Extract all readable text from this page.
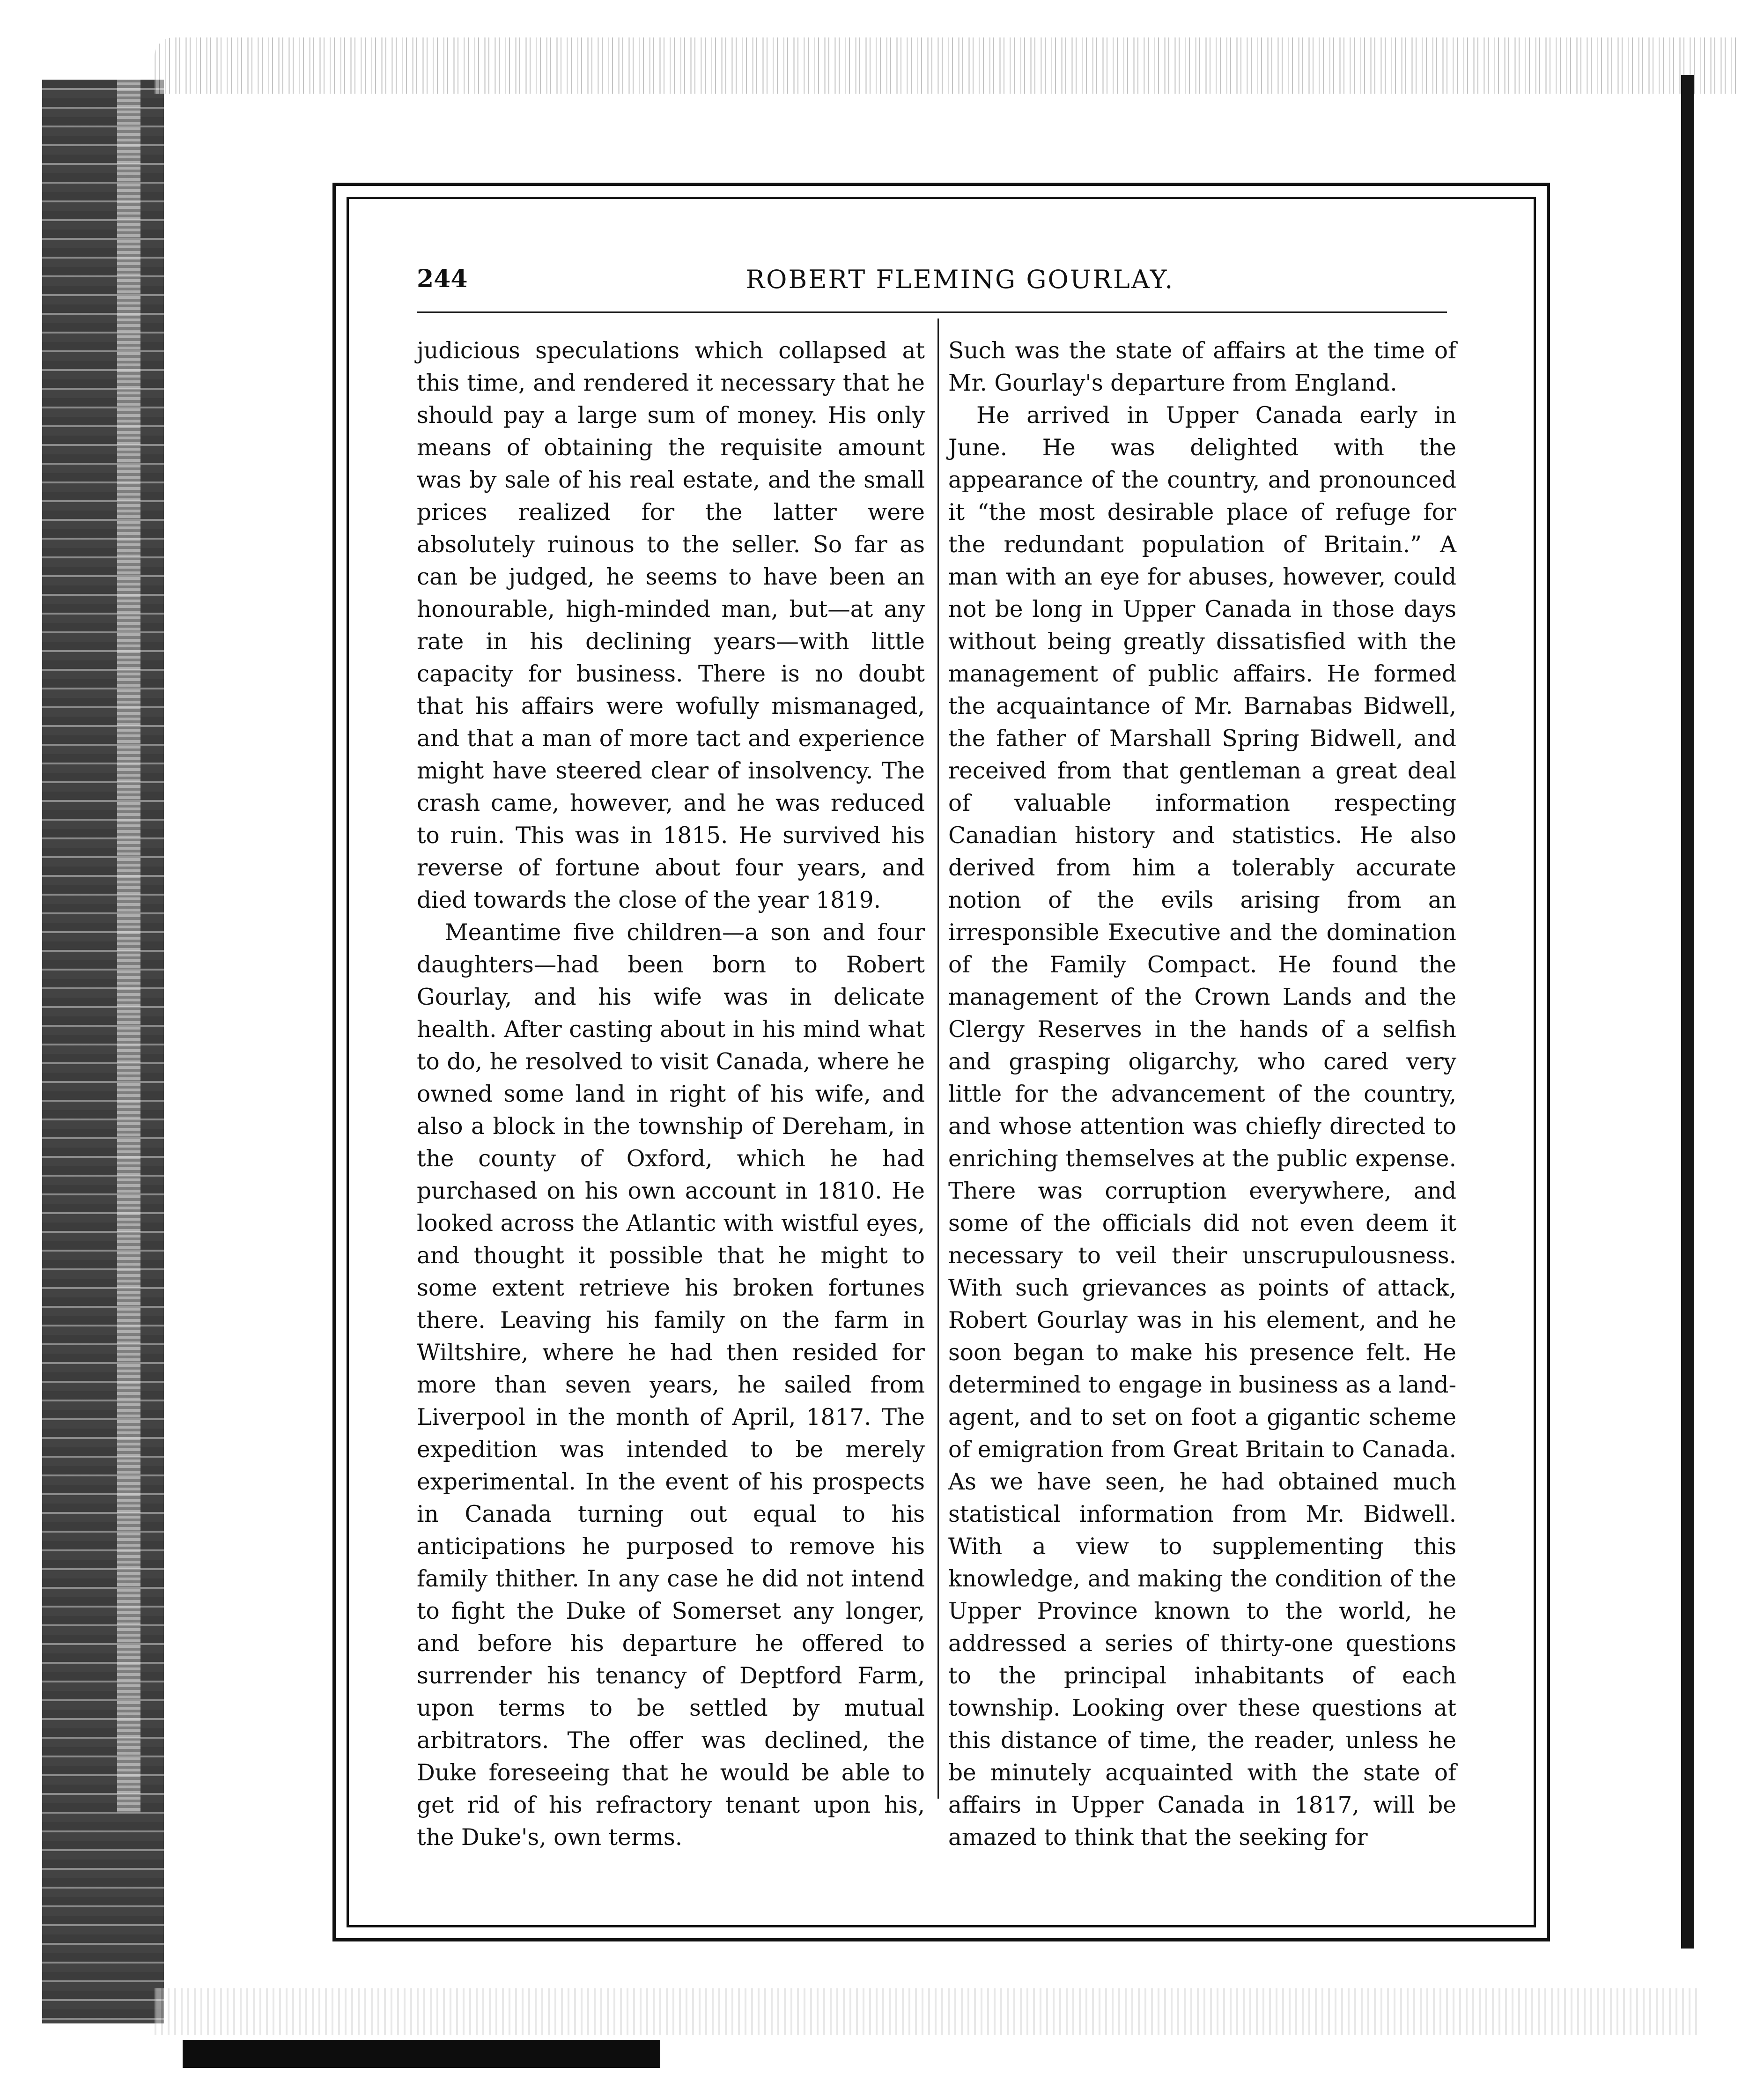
244	ROBERT FLEMING GOURLAY.

judicious speculations which collapsed at this time, and rendered it necessary that he should pay a large sum of money. His only means of obtaining the requisite amount was by sale of his real estate, and the small prices realized for the latter were absolutely ruinous to the seller. So far as can be judged, he seems to have been an honourable, high-minded man, but—at any rate in his declining years—with little capacity for business. There is no doubt that his affairs were wofully mismanaged, and that a man of more tact and experience might have steered clear of insolvency. The crash came, however, and he was reduced to ruin. This was in 1815. He survived his reverse of fortune about four years, and died towards the close of the year 1819.

Meantime five children—a son and four daughters—had been born to Robert Gourlay, and his wife was in delicate health. After casting about in his mind what to do, he resolved to visit Canada, where he owned some land in right of his wife, and also a block in the township of Dereham, in the county of Oxford, which he had purchased on his own account in 1810. He looked across the Atlantic with wistful eyes, and thought it possible that he might to some extent retrieve his broken fortunes there. Leaving his family on the farm in Wiltshire, where he had then resided for more than seven years, he sailed from Liverpool in the month of April, 1817. The expedition was intended to be merely experimental. In the event of his prospects in Canada turning out equal to his anticipations he purposed to remove his family thither. In any case he did not intend to fight the Duke of Somerset any longer, and before his departure he offered to surrender his tenancy of Deptford Farm, upon terms to be settled by mutual arbitrators. The offer was declined, the Duke foreseeing that he would be able to get rid of his refractory tenant upon his, the Duke's, own terms.

Such was the state of affairs at the time of Mr. Gourlay's departure from England.

He arrived in Upper Canada early in June. He was delighted with the appearance of the country, and pronounced it “the most desirable place of refuge for the redundant population of Britain.” A man with an eye for abuses, however, could not be long in Upper Canada in those days without being greatly dissatisfied with the management of public affairs. He formed the acquaintance of Mr. Barnabas Bidwell, the father of Marshall Spring Bidwell, and received from that gentleman a great deal of valuable information respecting Canadian history and statistics. He also derived from him a tolerably accurate notion of the evils arising from an irresponsible Executive and the domination of the Family Compact. He found the management of the Crown Lands and the Clergy Reserves in the hands of a selfish and grasping oligarchy, who cared very little for the advancement of the country, and whose attention was chiefly directed to enriching themselves at the public expense. There was corruption everywhere, and some of the officials did not even deem it necessary to veil their unscrupulousness. With such grievances as points of attack, Robert Gourlay was in his element, and he soon began to make his presence felt. He determined to engage in business as a land-agent, and to set on foot a gigantic scheme of emigration from Great Britain to Canada. As we have seen, he had obtained much statistical information from Mr. Bidwell. With a view to supplementing this knowledge, and making the condition of the Upper Province known to the world, he addressed a series of thirty-one questions to the principal inhabitants of each township. Looking over these questions at this distance of time, the reader, unless he be minutely acquainted with the state of affairs in Upper Canada in 1817, will be amazed to think that the seeking for
